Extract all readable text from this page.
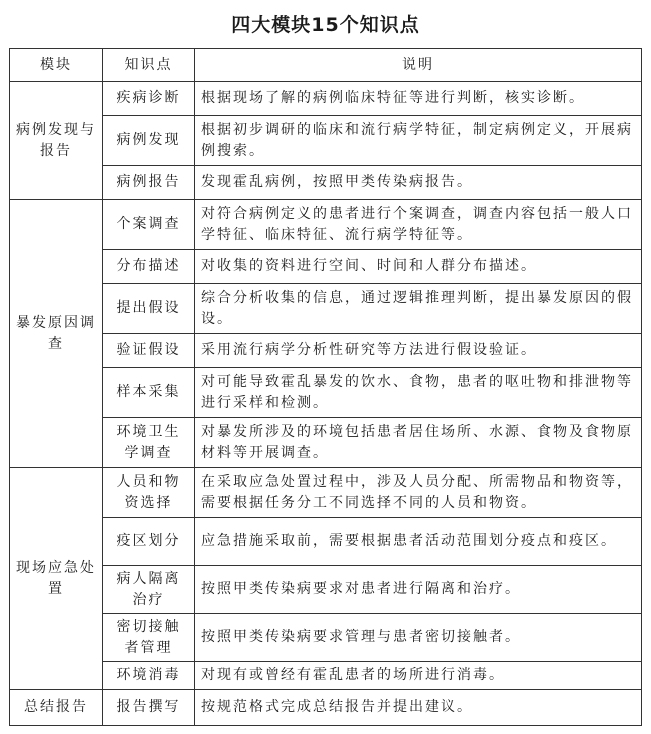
四大模块15个知识点
模块	知识点	说明
病例发现与报告	疾病诊断	根据现场了解的病例临床特征等进行判断，核实诊断。
	病例发现	根据初步调研的临床和流行病学特征，制定病例定义，开展病例搜索。
	病例报告	发现霍乱病例，按照甲类传染病报告。
暴发原因调查	个案调查	对符合病例定义的患者进行个案调查，调查内容包括一般人口学特征、临床特征、流行病学特征等。
	分布描述	对收集的资料进行空间、时间和人群分布描述。
	提出假设	综合分析收集的信息，通过逻辑推理判断，提出暴发原因的假设。
	验证假设	采用流行病学分析性研究等方法进行假设验证。
	样本采集	对可能导致霍乱暴发的饮水、食物，患者的呕吐物和排泄物等进行采样和检测。
	环境卫生学调查	对暴发所涉及的环境包括患者居住场所、水源、食物及食物原材料等开展调查。
现场应急处置	人员和物资选择	在采取应急处置过程中，涉及人员分配、所需物品和物资等，需要根据任务分工不同选择不同的人员和物资。
	疫区划分	应急措施采取前，需要根据患者活动范围划分疫点和疫区。
	病人隔离治疗	按照甲类传染病要求对患者进行隔离和治疗。
	密切接触者管理	按照甲类传染病要求管理与患者密切接触者。
	环境消毒	对现有或曾经有霍乱患者的场所进行消毒。
总结报告	报告撰写	按规范格式完成总结报告并提出建议。
